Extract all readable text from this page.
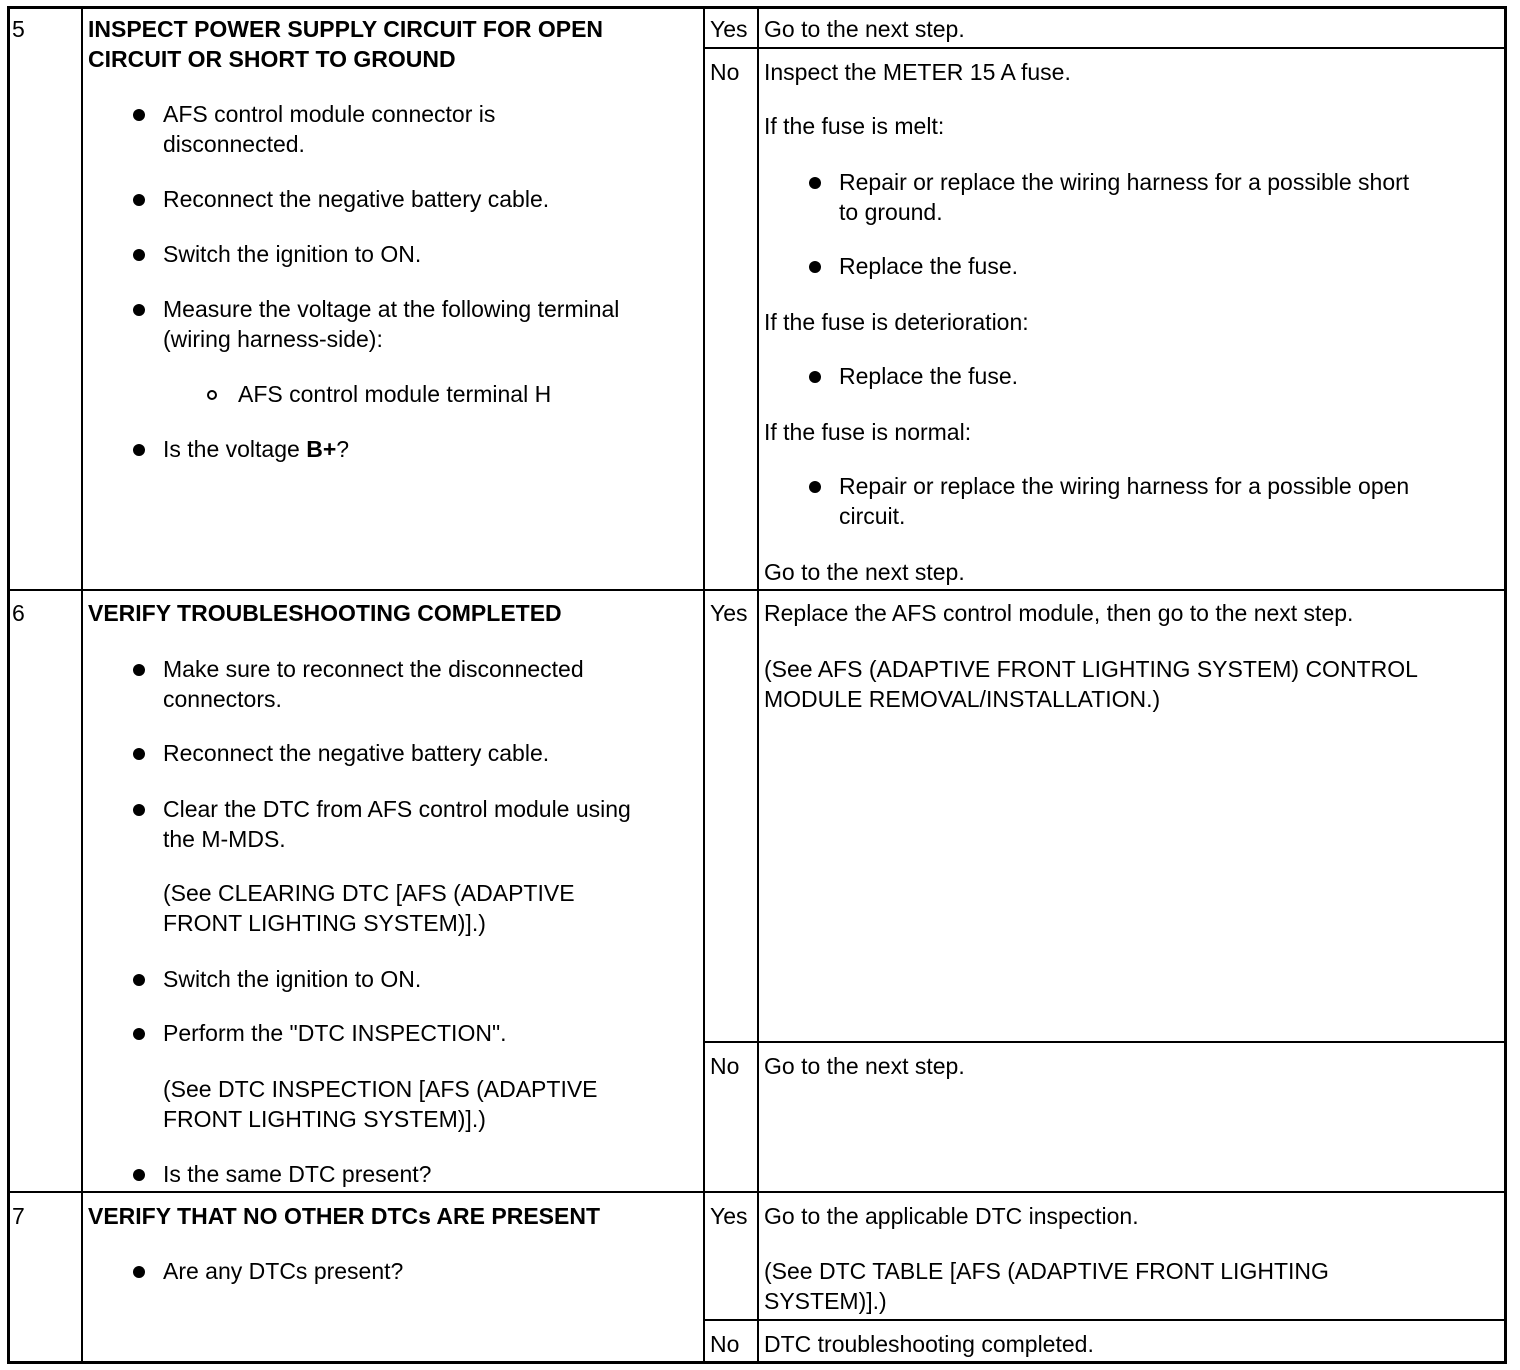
5	INSPECT POWER SUPPLY CIRCUIT FOR OPEN
CIRCUIT OR SHORT TO GROUND
AFS control module connector is
disconnected.
Reconnect the negative battery cable.
Switch the ignition to ON.
Measure the voltage at the following terminal
(wiring harness-side):
AFS control module terminal H
Is the voltage B+?
Yes Go to the next step.
No Inspect the METER 15 A fuse.
If the fuse is melt:
Repair or replace the wiring harness for a possible short
to ground.
Replace the fuse.
If the fuse is deterioration:
Replace the fuse.
If the fuse is normal:
Repair or replace the wiring harness for a possible open
circuit.
Go to the next step.
6	VERIFY TROUBLESHOOTING COMPLETED
Make sure to reconnect the disconnected
connectors.
Reconnect the negative battery cable.
Clear the DTC from AFS control module using
the M-MDS.
(See CLEARING DTC [AFS (ADAPTIVE
FRONT LIGHTING SYSTEM)].)
Switch the ignition to ON.
Perform the "DTC INSPECTION".
(See DTC INSPECTION [AFS (ADAPTIVE
FRONT LIGHTING SYSTEM)].)
Is the same DTC present?
Yes Replace the AFS control module, then go to the next step.
(See AFS (ADAPTIVE FRONT LIGHTING SYSTEM) CONTROL
MODULE REMOVAL/INSTALLATION.)
No Go to the next step.
7	VERIFY THAT NO OTHER DTCs ARE PRESENT
Are any DTCs present?
Yes Go to the applicable DTC inspection.
(See DTC TABLE [AFS (ADAPTIVE FRONT LIGHTING
SYSTEM)].)
No DTC troubleshooting completed.
